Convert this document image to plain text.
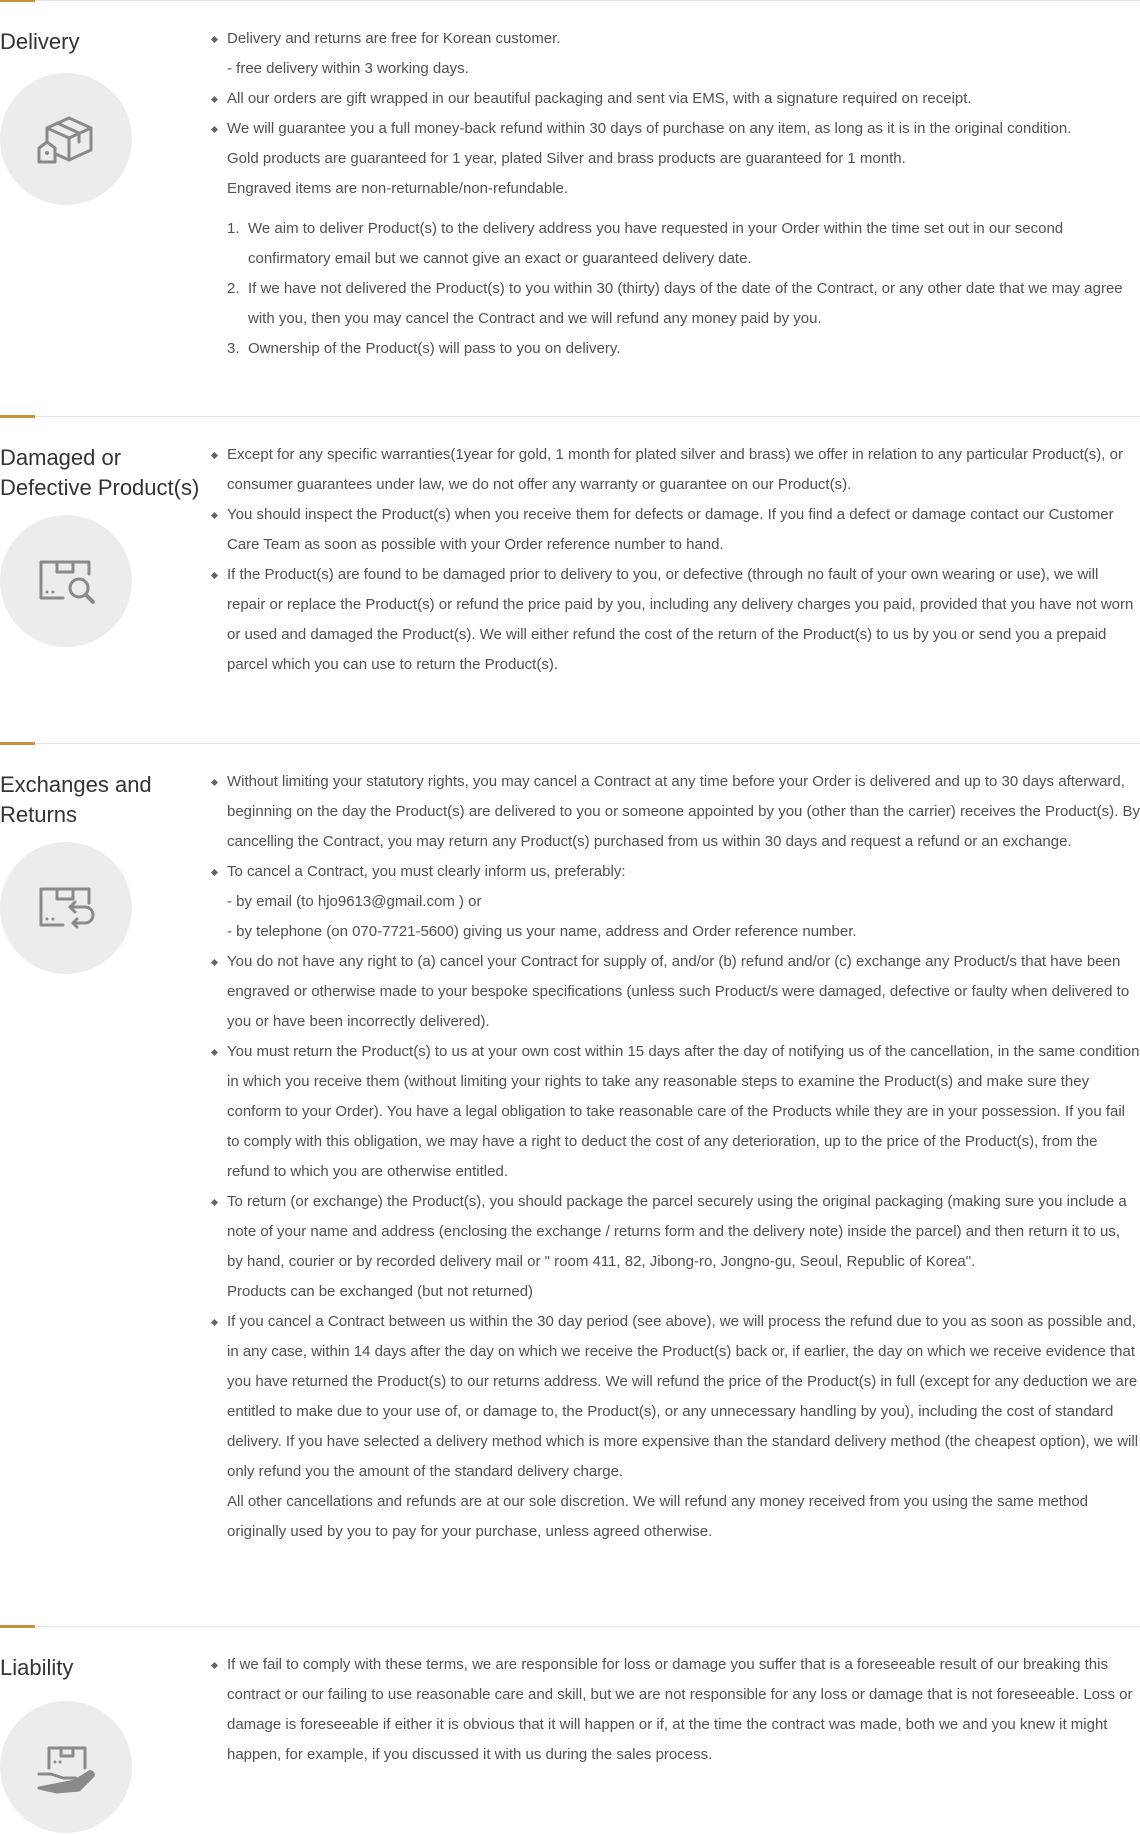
Delivery	Delivery and returns are free for Korean customer.
- free delivery within 3 working days.
All our orders are gift wrapped in our beautiful packaging and sent via EMS, with a signature required on receipt.
We will guarantee you a full money-back refund within 30 days of purchase on any item, as long as it is in the original condition.
Gold products are guaranteed for 1 year, plated Silver and brass products are guaranteed for 1 month.
Engraved items are non-returnable/non-refundable.
1. We aim to deliver Product(s) to the delivery address you have requested in your Order within the time set out in our second confirmatory email but we cannot give an exact or guaranteed delivery date.
2. If we have not delivered the Product(s) to you within 30 (thirty) days of the date of the Contract, or any other date that we may agree with you, then you may cancel the Contract and we will refund any money paid by you.
3. Ownership of the Product(s) will pass to you on delivery.
Damaged or Defective Product(s)
Except for any specific warranties(1year for gold, 1 month for plated silver and brass) we offer in relation to any particular Product(s), or consumer guarantees under law, we do not offer any warranty or guarantee on our Product(s).
You should inspect the Product(s) when you receive them for defects or damage. If you find a defect or damage contact our Customer Care Team as soon as possible with your Order reference number to hand.
If the Product(s) are found to be damaged prior to delivery to you, or defective (through no fault of your own wearing or use), we will repair or replace the Product(s) or refund the price paid by you, including any delivery charges you paid, provided that you have not worn or used and damaged the Product(s). We will either refund the cost of the return of the Product(s) to us by you or send you a prepaid parcel which you can use to return the Product(s).
Exchanges and Returns
Without limiting your statutory rights, you may cancel a Contract at any time before your Order is delivered and up to 30 days afterward, beginning on the day the Product(s) are delivered to you or someone appointed by you (other than the carrier) receives the Product(s). By cancelling the Contract, you may return any Product(s) purchased from us within 30 days and request a refund or an exchange.
To cancel a Contract, you must clearly inform us, preferably:
- by email (to hjo9613@gmail.com ) or
- by telephone (on 070-7721-5600) giving us your name, address and Order reference number.
You do not have any right to (a) cancel your Contract for supply of, and/or (b) refund and/or (c) exchange any Product/s that have been engraved or otherwise made to your bespoke specifications (unless such Product/s were damaged, defective or faulty when delivered to you or have been incorrectly delivered).
You must return the Product(s) to us at your own cost within 15 days after the day of notifying us of the cancellation, in the same condition in which you receive them (without limiting your rights to take any reasonable steps to examine the Product(s) and make sure they conform to your Order). You have a legal obligation to take reasonable care of the Products while they are in your possession. If you fail to comply with this obligation, we may have a right to deduct the cost of any deterioration, up to the price of the Product(s), from the refund to which you are otherwise entitled.
To return (or exchange) the Product(s), you should package the parcel securely using the original packaging (making sure you include a note of your name and address (enclosing the exchange / returns form and the delivery note) inside the parcel) and then return it to us, by hand, courier or by recorded delivery mail or " room 411, 82, Jibong-ro, Jongno-gu, Seoul, Republic of Korea".
Products can be exchanged (but not returned)
If you cancel a Contract between us within the 30 day period (see above), we will process the refund due to you as soon as possible and, in any case, within 14 days after the day on which we receive the Product(s) back or, if earlier, the day on which we receive evidence that you have returned the Product(s) to our returns address. We will refund the price of the Product(s) in full (except for any deduction we are entitled to make due to your use of, or damage to, the Product(s), or any unnecessary handling by you), including the cost of standard delivery. If you have selected a delivery method which is more expensive than the standard delivery method (the cheapest option), we will only refund you the amount of the standard delivery charge.
All other cancellations and refunds are at our sole discretion. We will refund any money received from you using the same method originally used by you to pay for your purchase, unless agreed otherwise.
Liability	If we fail to comply with these terms, we are responsible for loss or damage you suffer that is a foreseeable result of our breaking this contract or our failing to use reasonable care and skill, but we are not responsible for any loss or damage that is not foreseeable. Loss or damage is foreseeable if either it is obvious that it will happen or if, at the time the contract was made, both we and you knew it might happen, for example, if you discussed it with us during the sales process.
